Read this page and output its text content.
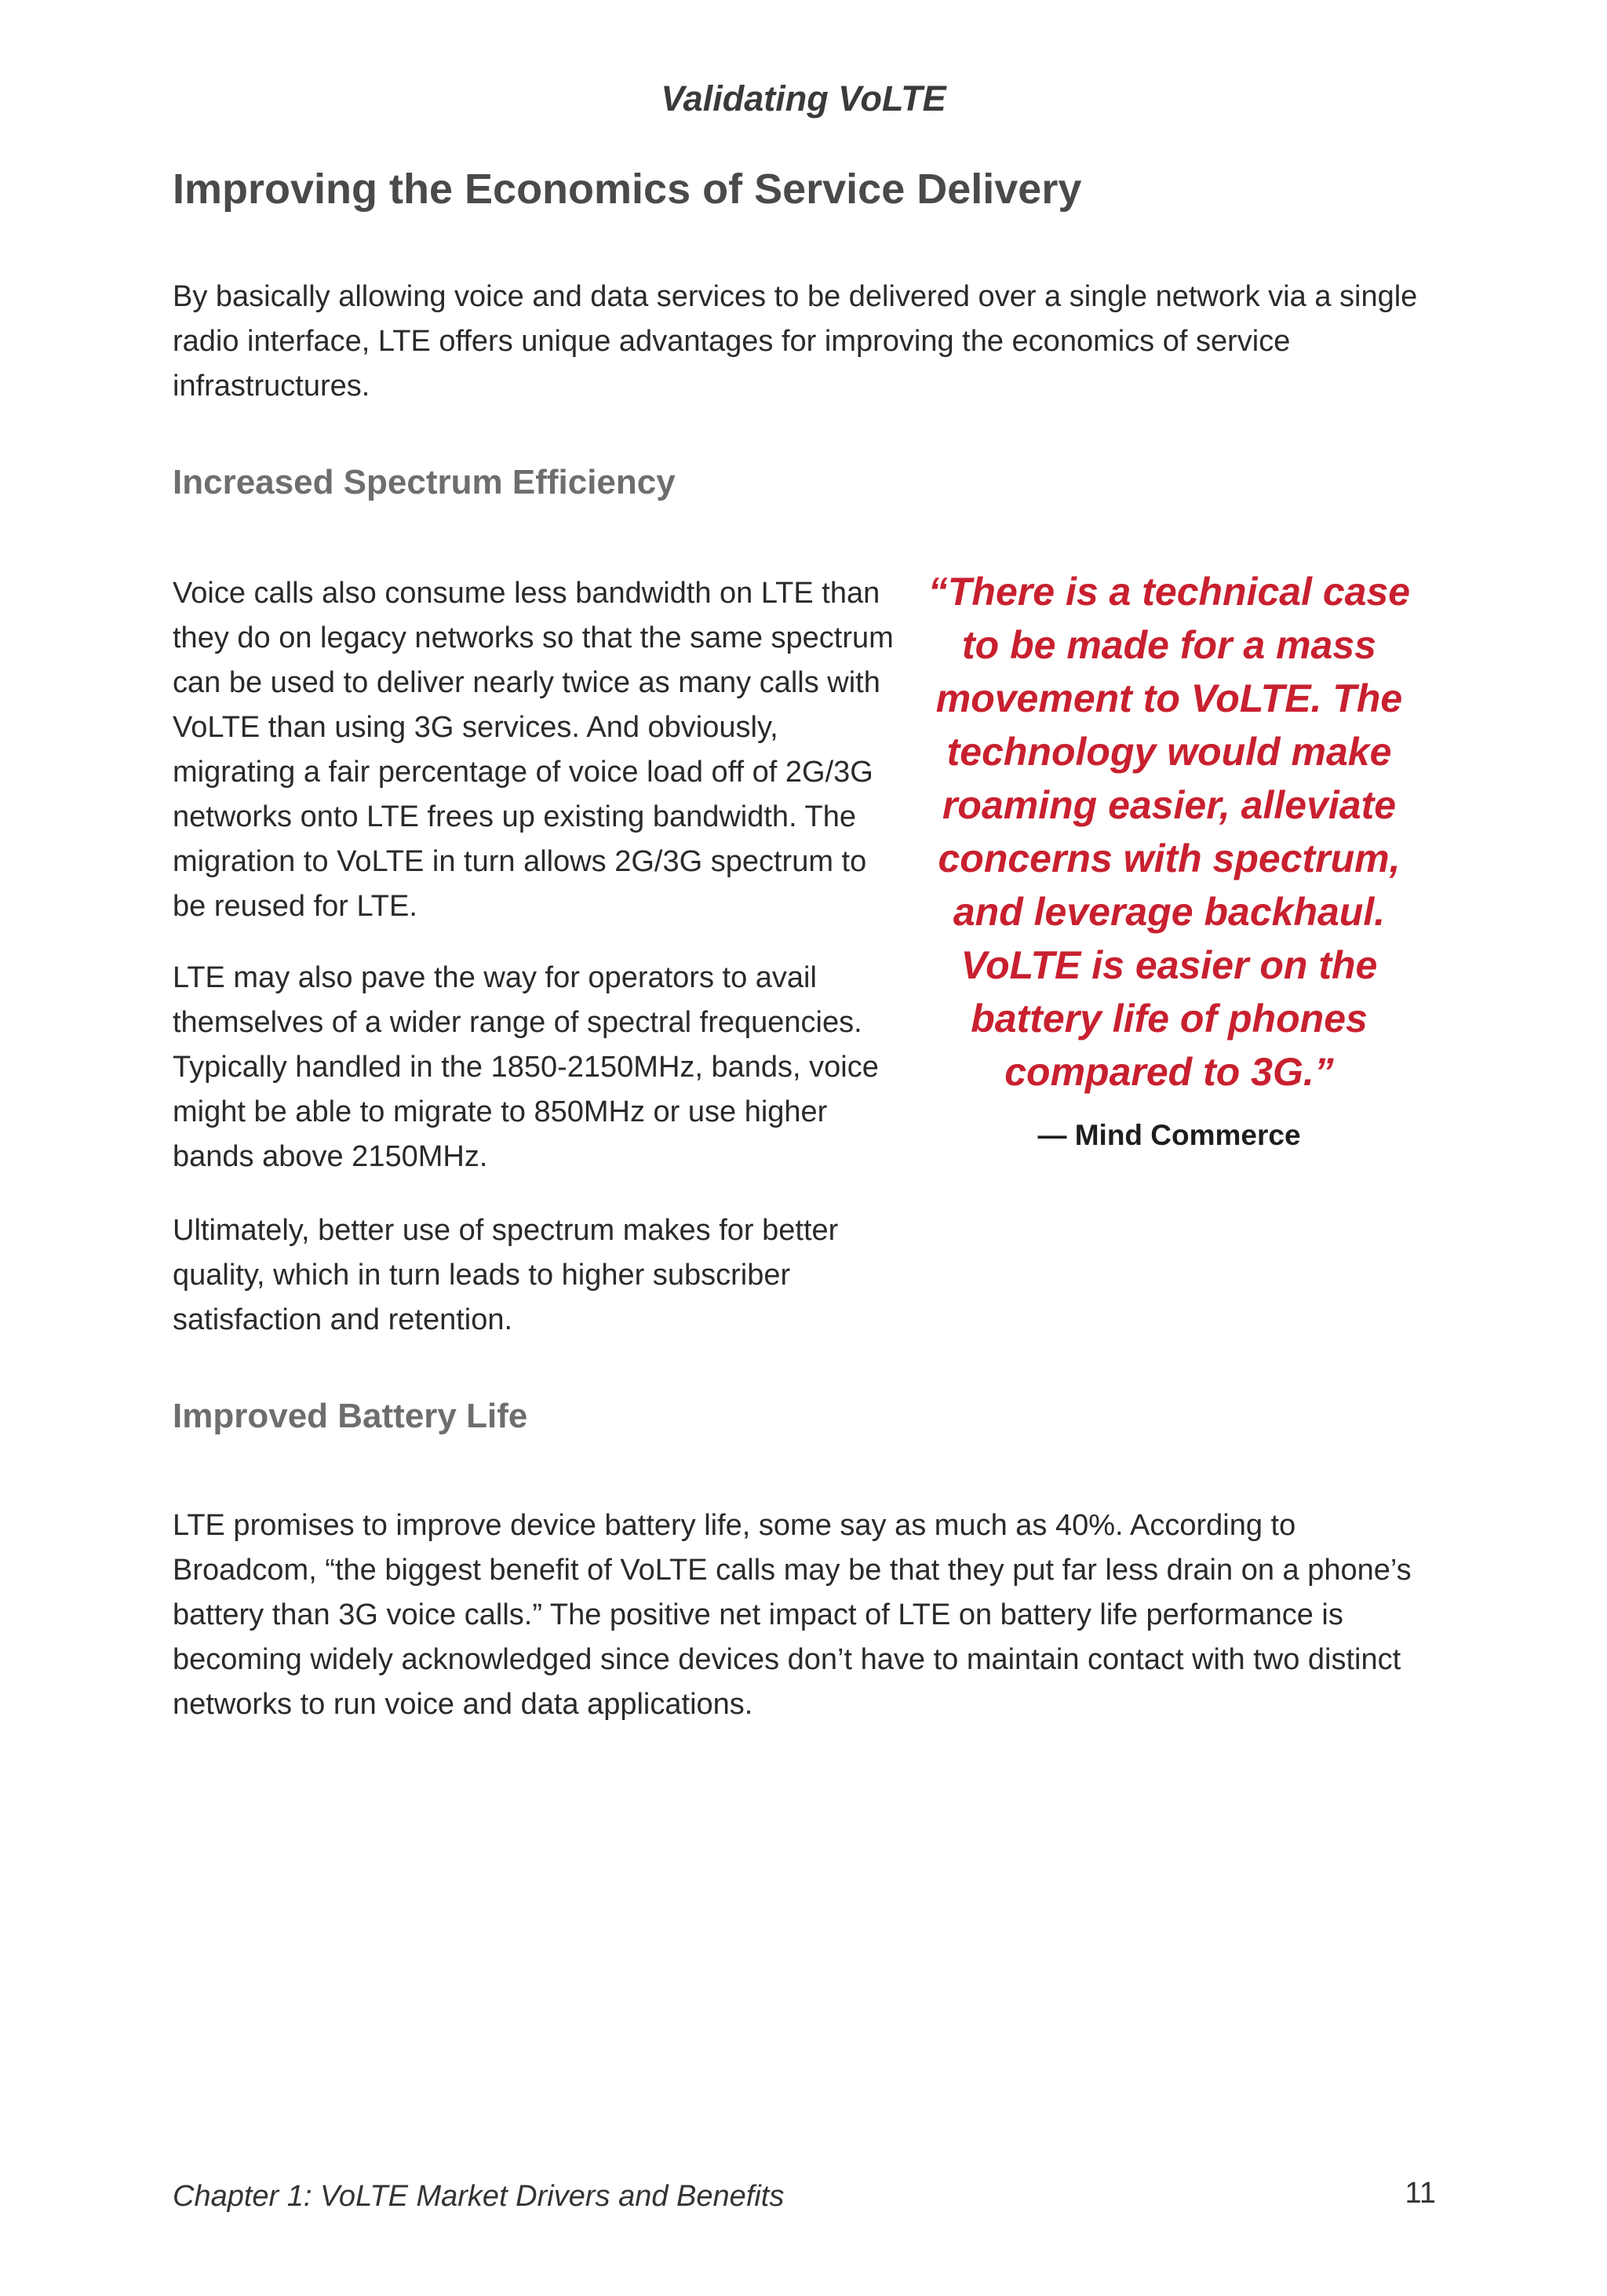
Validating VoLTE
Improving the Economics of Service Delivery

By basically allowing voice and data services to be delivered over a single network via a single radio interface, LTE offers unique advantages for improving the economics of service infrastructures.

Increased Spectrum Efficiency

Voice calls also consume less bandwidth on LTE than they do on legacy networks so that the same spectrum can be used to deliver nearly twice as many calls with VoLTE than using 3G services. And obviously, migrating a fair percentage of voice load off of 2G/3G networks onto LTE frees up existing bandwidth. The migration to VoLTE in turn allows 2G/3G spectrum to be reused for LTE.

LTE may also pave the way for operators to avail themselves of a wider range of spectral frequencies. Typically handled in the 1850-2150MHz, bands, voice might be able to migrate to 850MHz or use higher bands above 2150MHz.

Ultimately, better use of spectrum makes for better quality, which in turn leads to higher subscriber satisfaction and retention.

“There is a technical case to be made for a mass movement to VoLTE. The technology would make roaming easier, alleviate concerns with spectrum, and leverage backhaul. VoLTE is easier on the battery life of phones compared to 3G.”

— Mind Commerce
Improved Battery Life

LTE promises to improve device battery life, some say as much as 40%. According to Broadcom, “the biggest benefit of VoLTE calls may be that they put far less drain on a phone’s battery than 3G voice calls.” The positive net impact of LTE on battery life performance is becoming widely acknowledged since devices don’t have to maintain contact with two distinct networks to run voice and data applications.

Chapter 1: VoLTE Market Drivers and Benefits	11
